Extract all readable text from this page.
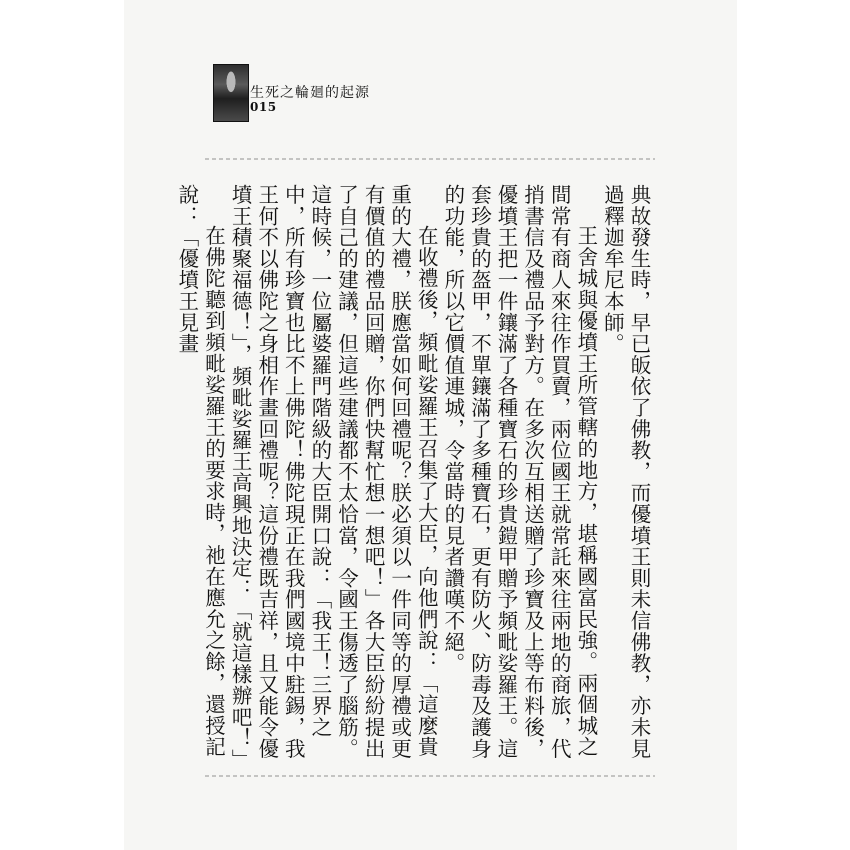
生死之輪廻的起源
015

典故發生時，早已皈依了佛教，而優墳王則未信佛教，亦未見過釋迦牟尼本師。

王舍城與優墳王所管轄的地方，堪稱國富民強。兩個城之間常有商人來往作買賣，兩位國王就常託來往兩地的商旅，代捎書信及禮品予對方。在多次互相送贈了珍寶及上等布料後，優墳王把一件鑲滿了各種寶石的珍貴鎧甲贈予頻毗娑羅王。這套珍貴的盔甲，不單鑲滿了多種寶石，更有防火、防毒及護身的功能，所以它價值連城，令當時的見者讚嘆不絕。

在收禮後，頻毗娑羅王召集了大臣，向他們說：「這麼貴重的大禮，朕應當如何回禮呢？朕必須以一件同等的厚禮或更有價值的禮品回贈，你們快幫忙想一想吧！」各大臣紛紛提出了自己的建議，但這些建議都不太恰當，令國王傷透了腦筋。這時候，一位屬婆羅門階級的大臣開口說：「我王！三界之中，所有珍寶也比不上佛陀！佛陀現正在我們國境中駐錫，我王何不以佛陀之身相作畫回禮呢？這份禮既吉祥，且又能令優墳王積聚福德！」，頻毗娑羅王高興地決定：「就這樣辦吧！」

在佛陀聽到頻毗娑羅王的要求時，祂在應允之餘，還授記說：「優墳王見畫
